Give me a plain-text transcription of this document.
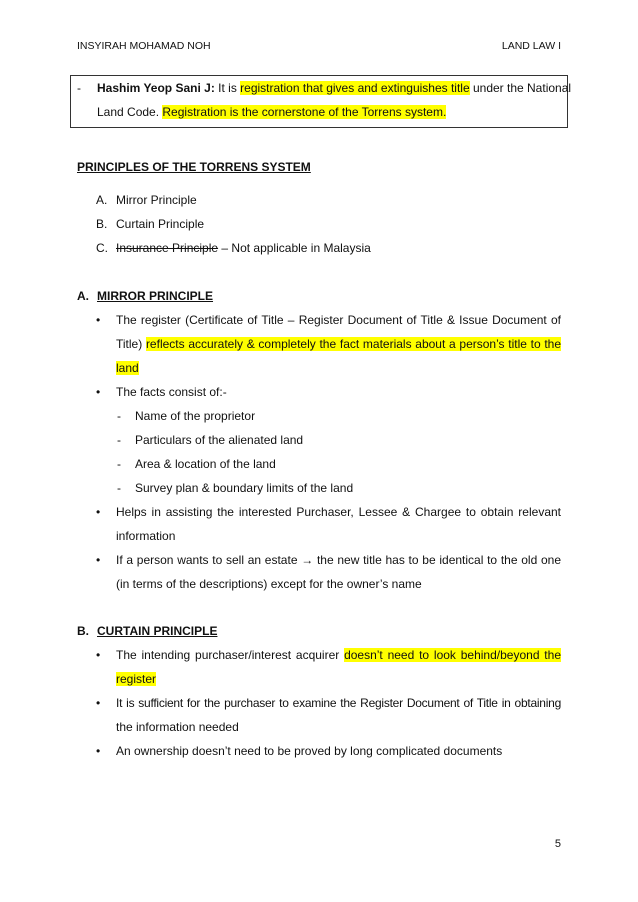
INSYIRAH MOHAMAD NOH	LAND LAW I
- Hashim Yeop Sani J: It is registration that gives and extinguishes title under the National
Land Code. Registration is the cornerstone of the Torrens system.
PRINCIPLES OF THE TORRENS SYSTEM
A. Mirror Principle
B. Curtain Principle
C. Insurance Principle – Not applicable in Malaysia
A. MIRROR PRINCIPLE
• The register (Certificate of Title – Register Document of Title & Issue Document of
Title) reflects accurately & completely the fact materials about a person’s title to the
land
• The facts consist of:-
- Name of the proprietor
- Particulars of the alienated land
- Area & location of the land
- Survey plan & boundary limits of the land
• Helps in assisting the interested Purchaser, Lessee & Chargee to obtain relevant
information
• If a person wants to sell an estate → the new title has to be identical to the old one
(in terms of the descriptions) except for the owner’s name
B. CURTAIN PRINCIPLE
• The intending purchaser/interest acquirer doesn’t need to look behind/beyond the
register
• It is sufficient for the purchaser to examine the Register Document of Title in obtaining
the information needed
• An ownership doesn’t need to be proved by long complicated documents
5
